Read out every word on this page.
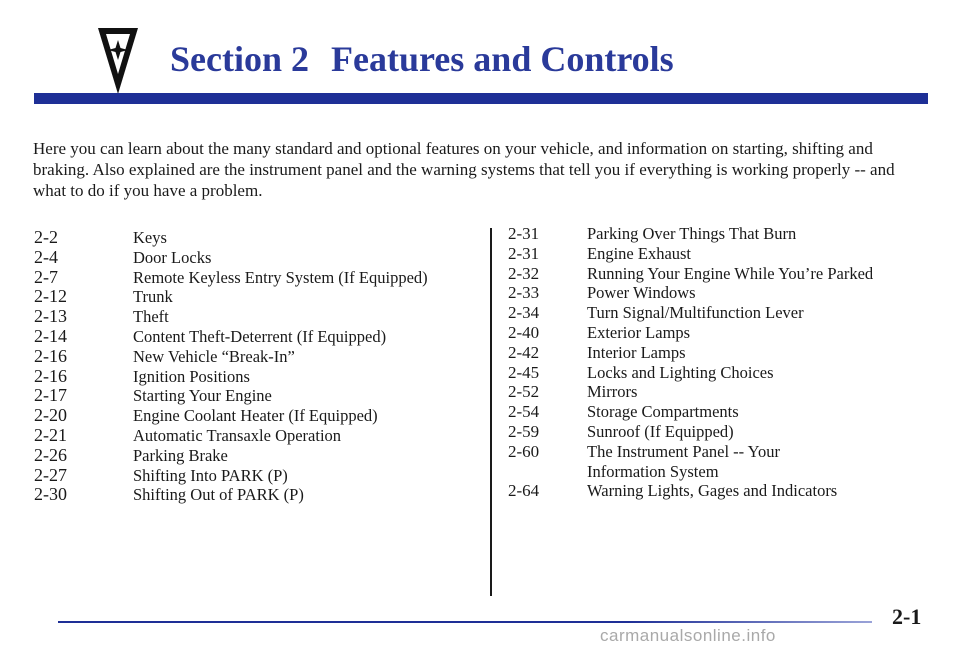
Section 2 Features and Controls

Here you can learn about the many standard and optional features on your vehicle, and information on starting, shifting and braking. Also explained are the instrument panel and the warning systems that tell you if everything is working properly -- and what to do if you have a problem.

2-2	Keys
2-4	Door Locks
2-7	Remote Keyless Entry System (If Equipped)
2-12	Trunk
2-13	Theft
2-14	Content Theft-Deterrent (If Equipped)
2-16	New Vehicle “Break-In”
2-16	Ignition Positions
2-17	Starting Your Engine
2-20	Engine Coolant Heater (If Equipped)
2-21	Automatic Transaxle Operation
2-26	Parking Brake
2-27	Shifting Into PARK (P)
2-30	Shifting Out of PARK (P)
2-31	Parking Over Things That Burn
2-31	Engine Exhaust
2-32	Running Your Engine While You’re Parked
2-33	Power Windows
2-34	Turn Signal/Multifunction Lever
2-40	Exterior Lamps
2-42	Interior Lamps
2-45	Locks and Lighting Choices
2-52	Mirrors
2-54	Storage Compartments
2-59	Sunroof (If Equipped)
2-60	The Instrument Panel -- Your Information System
2-64	Warning Lights, Gages and Indicators
2-1
carmanualsonline.info
